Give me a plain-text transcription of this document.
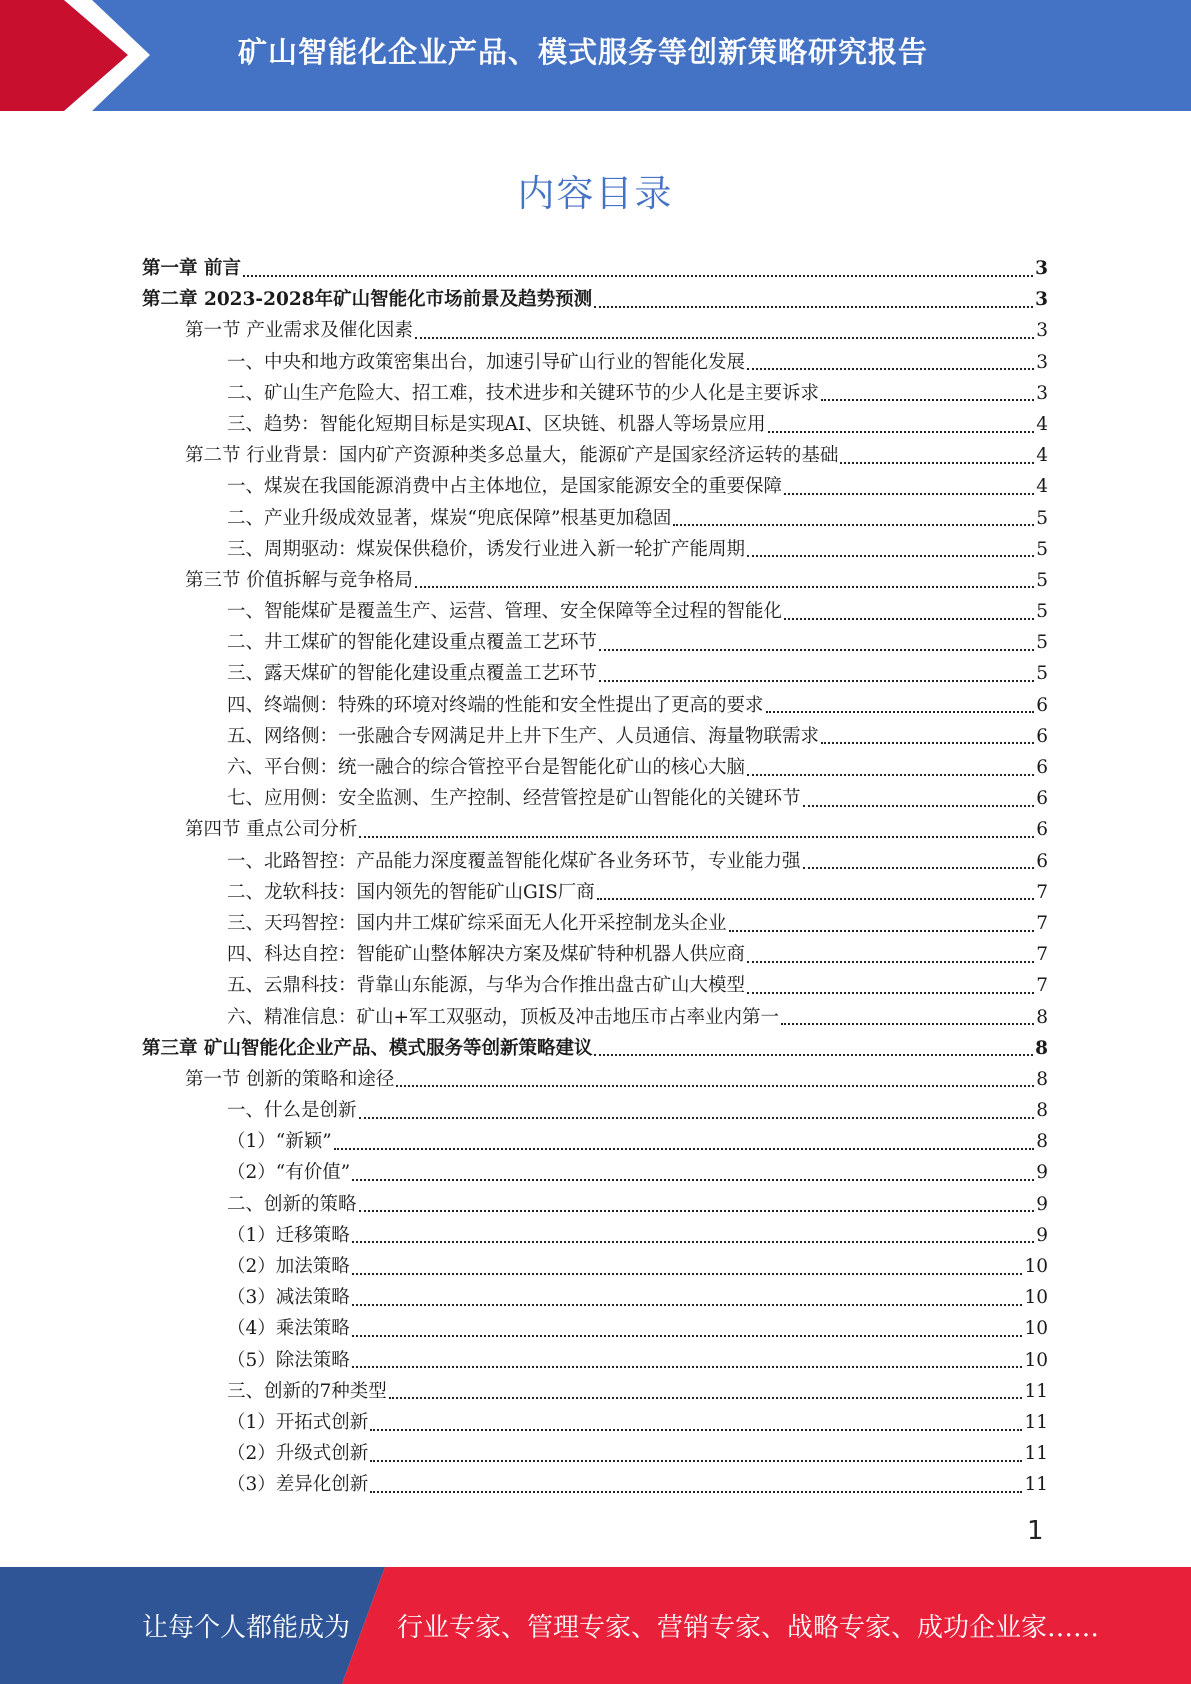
矿山智能化企业产品、模式服务等创新策略研究报告
内容目录
第一章 前言	3
第二章 2023-2028年矿山智能化市场前景及趋势预测	3
第一节 产业需求及催化因素	3
一、中央和地方政策密集出台，加速引导矿山行业的智能化发展	3
二、矿山生产危险大、招工难，技术进步和关键环节的少人化是主要诉求	3
三、趋势：智能化短期目标是实现AI、区块链、机器人等场景应用	4
第二节 行业背景：国内矿产资源种类多总量大，能源矿产是国家经济运转的基础	4
一、煤炭在我国能源消费中占主体地位，是国家能源安全的重要保障	4
二、产业升级成效显著，煤炭“兜底保障”根基更加稳固	5
三、周期驱动：煤炭保供稳价，诱发行业进入新一轮扩产能周期	5
第三节 价值拆解与竞争格局	5
一、智能煤矿是覆盖生产、运营、管理、安全保障等全过程的智能化	5
二、井工煤矿的智能化建设重点覆盖工艺环节	5
三、露天煤矿的智能化建设重点覆盖工艺环节	5
四、终端侧：特殊的环境对终端的性能和安全性提出了更高的要求	6
五、网络侧：一张融合专网满足井上井下生产、人员通信、海量物联需求	6
六、平台侧：统一融合的综合管控平台是智能化矿山的核心大脑	6
七、应用侧：安全监测、生产控制、经营管控是矿山智能化的关键环节	6
第四节 重点公司分析	6
一、北路智控：产品能力深度覆盖智能化煤矿各业务环节，专业能力强	6
二、龙软科技：国内领先的智能矿山GIS厂商	7
三、天玛智控：国内井工煤矿综采面无人化开采控制龙头企业	7
四、科达自控：智能矿山整体解决方案及煤矿特种机器人供应商	7
五、云鼎科技：背靠山东能源，与华为合作推出盘古矿山大模型	7
六、精准信息：矿山+军工双驱动，顶板及冲击地压市占率业内第一	8
第三章 矿山智能化企业产品、模式服务等创新策略建议	8
第一节 创新的策略和途径	8
一、什么是创新	8
（1）“新颖”	8
（2）“有价值”	9
二、创新的策略	9
（1）迁移策略	9
（2）加法策略	10
（3）减法策略	10
（4）乘法策略	10
（5）除法策略	10
三、创新的7种类型	11
（1）开拓式创新	11
（2）升级式创新	11
（3）差异化创新	11
1
让每个人都能成为 行业专家、管理专家、营销专家、战略专家、成功企业家……
